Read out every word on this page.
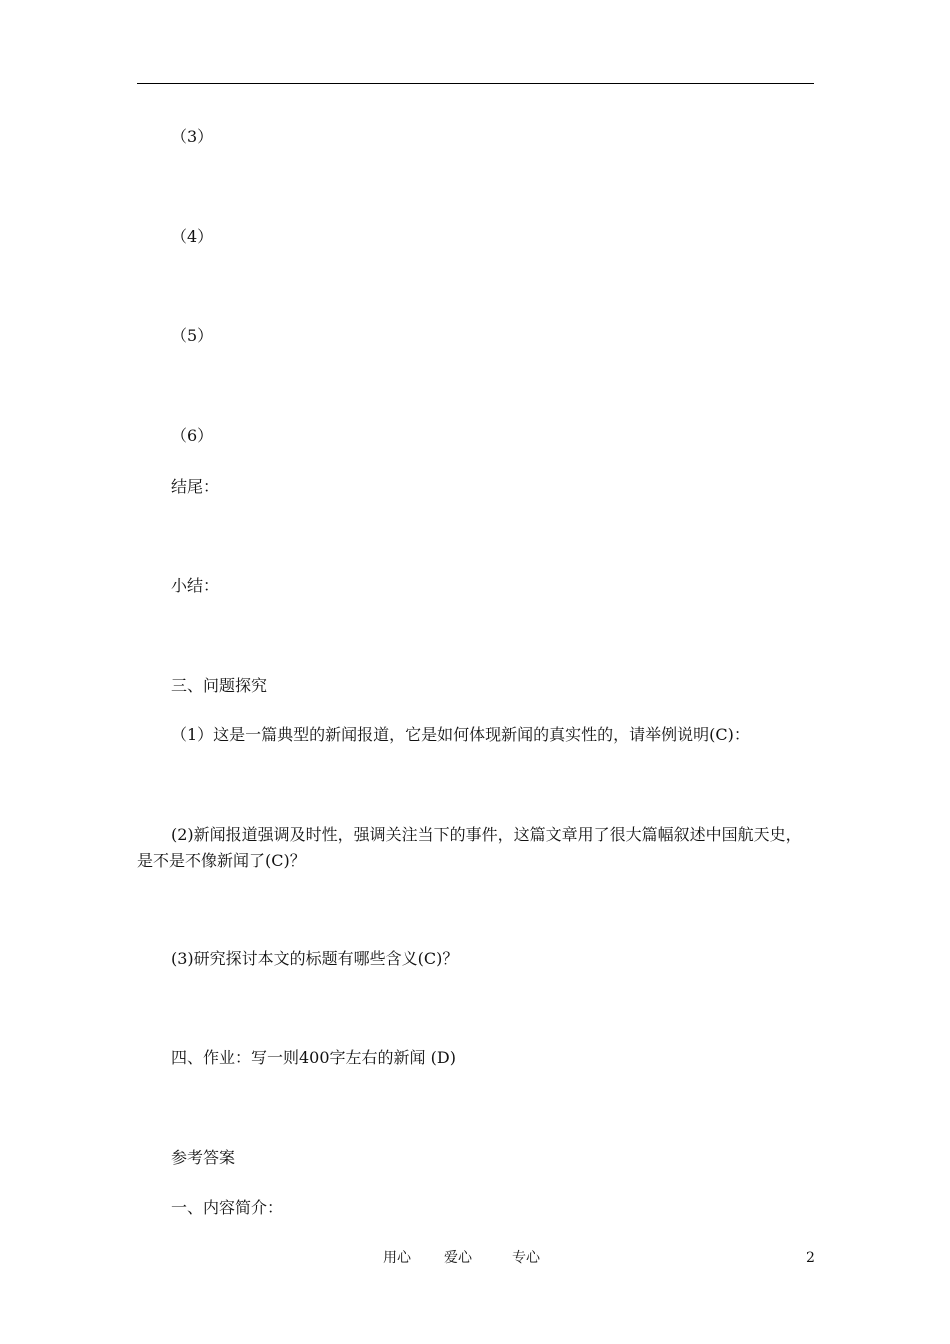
（3）
（4）
（5）
（6）
结尾：
小结：
三、问题探究
（1）这是一篇典型的新闻报道，它是如何体现新闻的真实性的，请举例说明(C)：
(2)新闻报道强调及时性，强调关注当下的事件，这篇文章用了很大篇幅叙述中国航天史，
是不是不像新闻了(C)？
(3)研究探讨本文的标题有哪些含义(C)？
四、作业：写一则400字左右的新闻 (D)
参考答案
一、内容简介：
用心 爱心	专心	2
